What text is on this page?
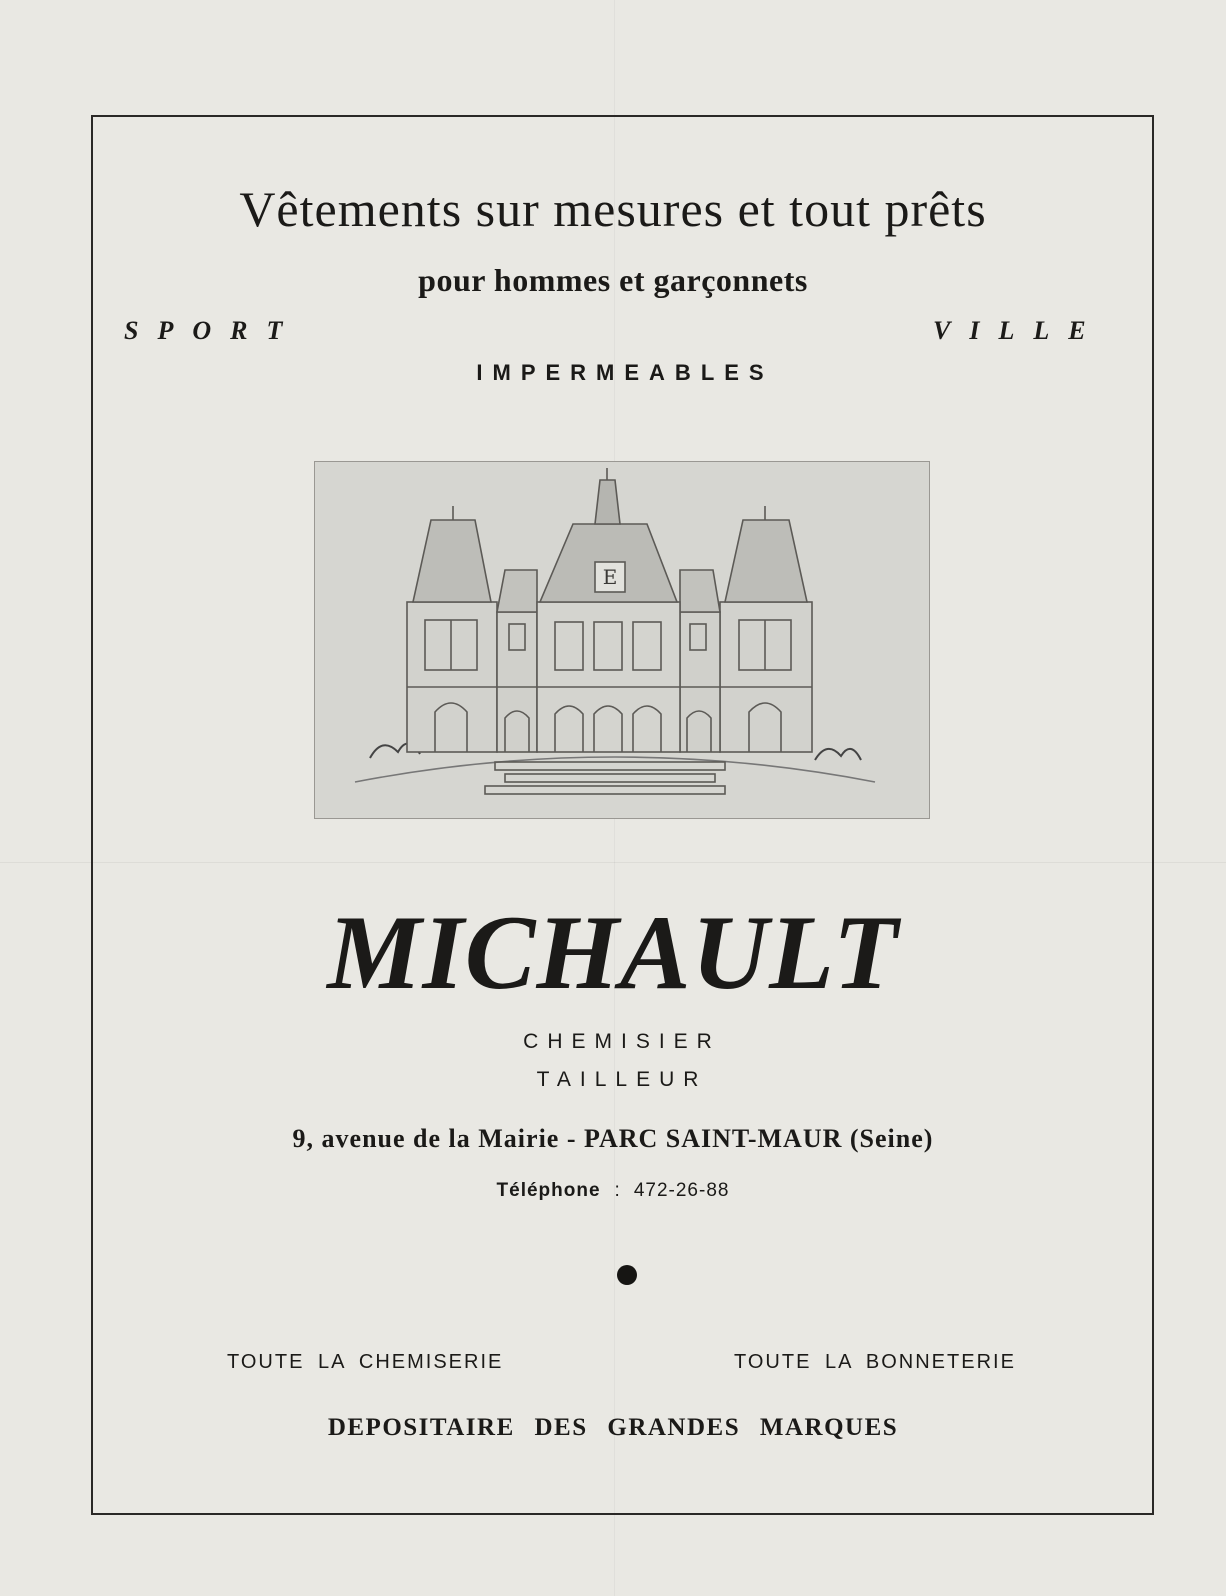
Vêtements sur mesures et tout prêts
pour hommes et garçonnets
SPORT	VILLE
IMPERMEABLES
E
MICHAULT
CHEMISIER
TAILLEUR
9, avenue de la Mairie - PARC SAINT-MAUR (Seine)
Téléphone : 472-26-88
TOUTE LA CHEMISERIE	TOUTE LA BONNETERIE
DEPOSITAIRE DES GRANDES MARQUES
